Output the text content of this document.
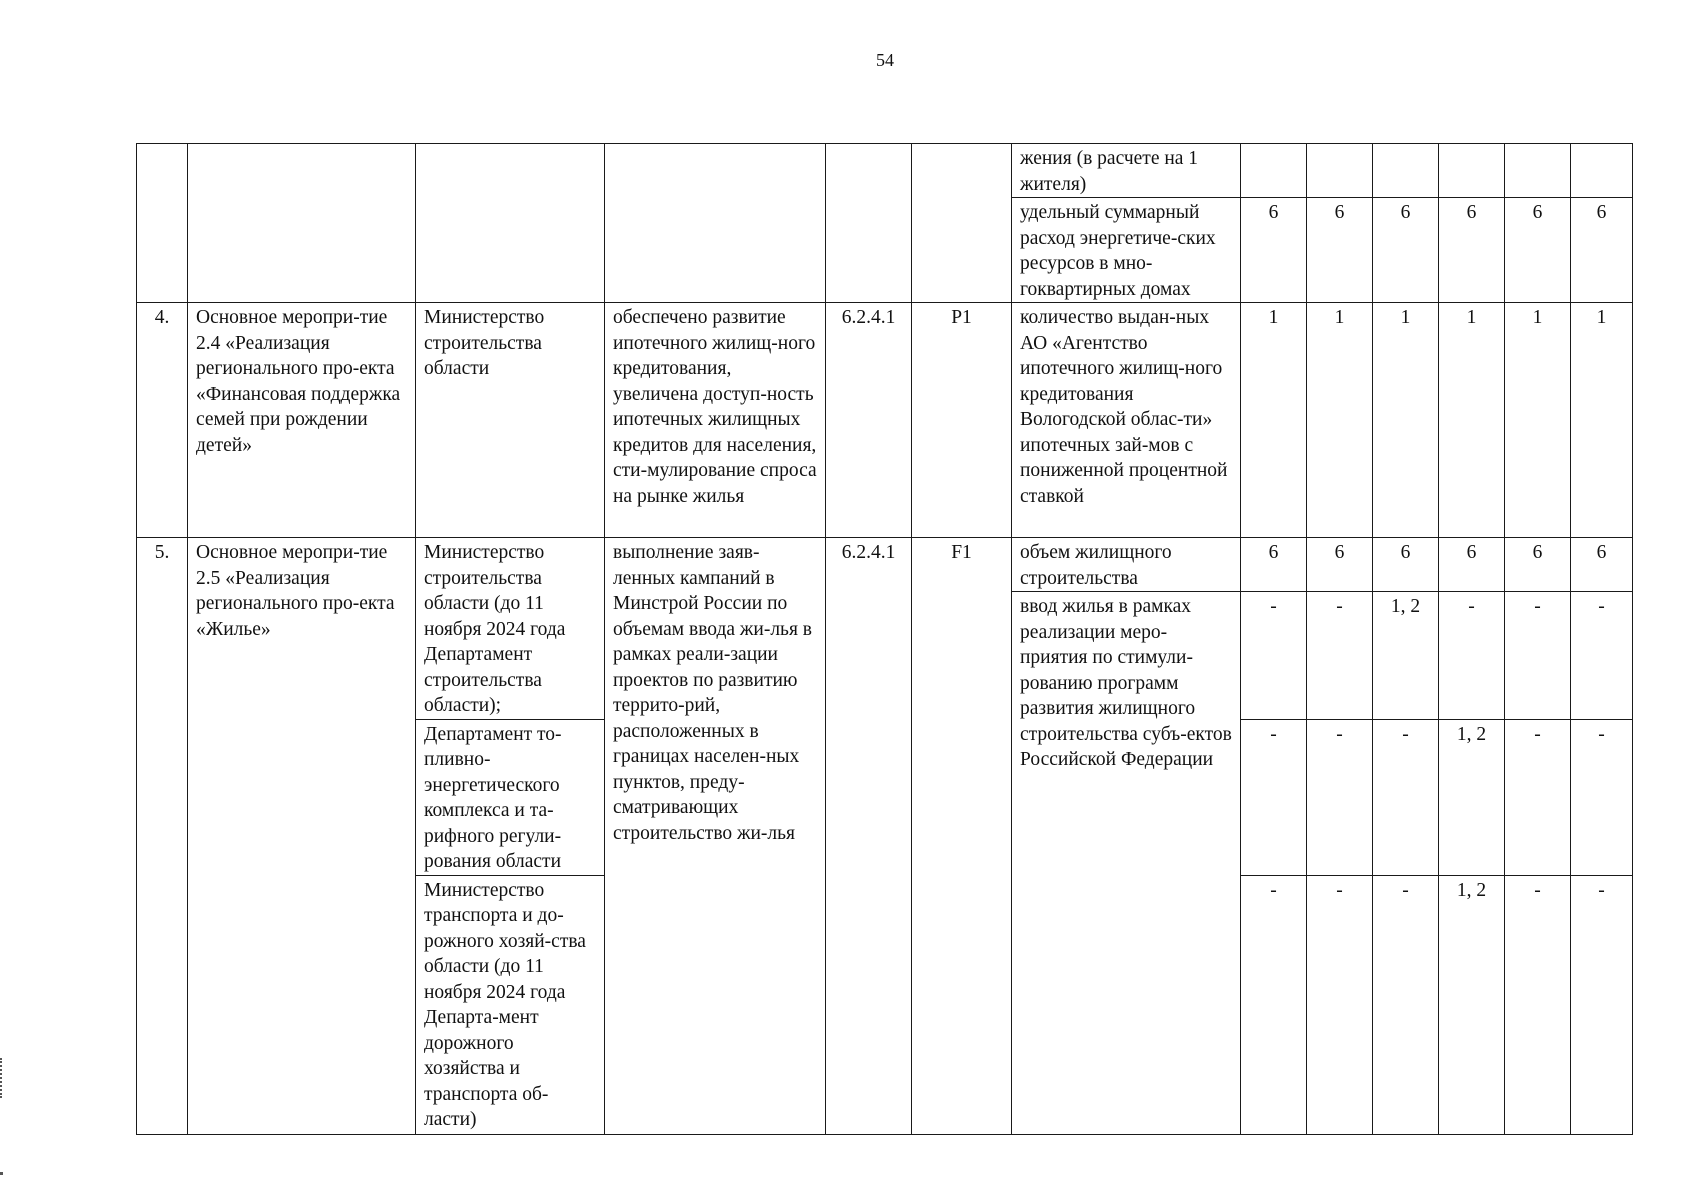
54
						жения (в расчете на 1 жителя)						
						удельный суммарный расход энергетиче-ских ресурсов в мно-гоквартирных домах	6	6	6	6	6	6
4.	Основное меропри-тие 2.4 «Реализация регионального про-екта «Финансовая поддержка семей при рождении детей»	Министерство строительства области	обеспечено развитие ипотечного жилищ-ного кредитования, увеличена доступ-ность ипотечных жилищных кредитов для населения, сти-мулирование спроса на рынке жилья	6.2.4.1	P1	количество выдан-ных АО «Агентство ипотечного жилищ-ного кредитования Вологодской облас-ти» ипотечных зай-мов с пониженной процентной ставкой	1	1	1	1	1	1
5.	Основное меропри-тие 2.5 «Реализация регионального про-екта «Жилье»	Министерство строительства области (до 11 ноября 2024 года Департамент строительства области);	выполнение заяв-ленных кампаний в Минстрой России по объемам ввода жи-лья в рамках реали-зации проектов по развитию террито-рий, расположенных в границах населен-ных пунктов, преду-сматривающих строительство жи-лья	6.2.4.1	F1	объем жилищного строительства	6	6	6	6	6	6
						ввод жилья в рамках реализации меро-приятия по стимули-рованию программ развития жилищного строительства субъ-ектов Российской Федерации	-	-	1, 2	-	-	-
		Департамент то-пливно-энергетического комплекса и та-рифного регули-рования области					-	-	-	1, 2	-	-

		Министерство транспорта и до-рожного хозяй-ства области (до 11 ноября 2024 года Департа-мент дорожного хозяйства и транспорта об-ласти)					-	-	-	1, 2	-	-
